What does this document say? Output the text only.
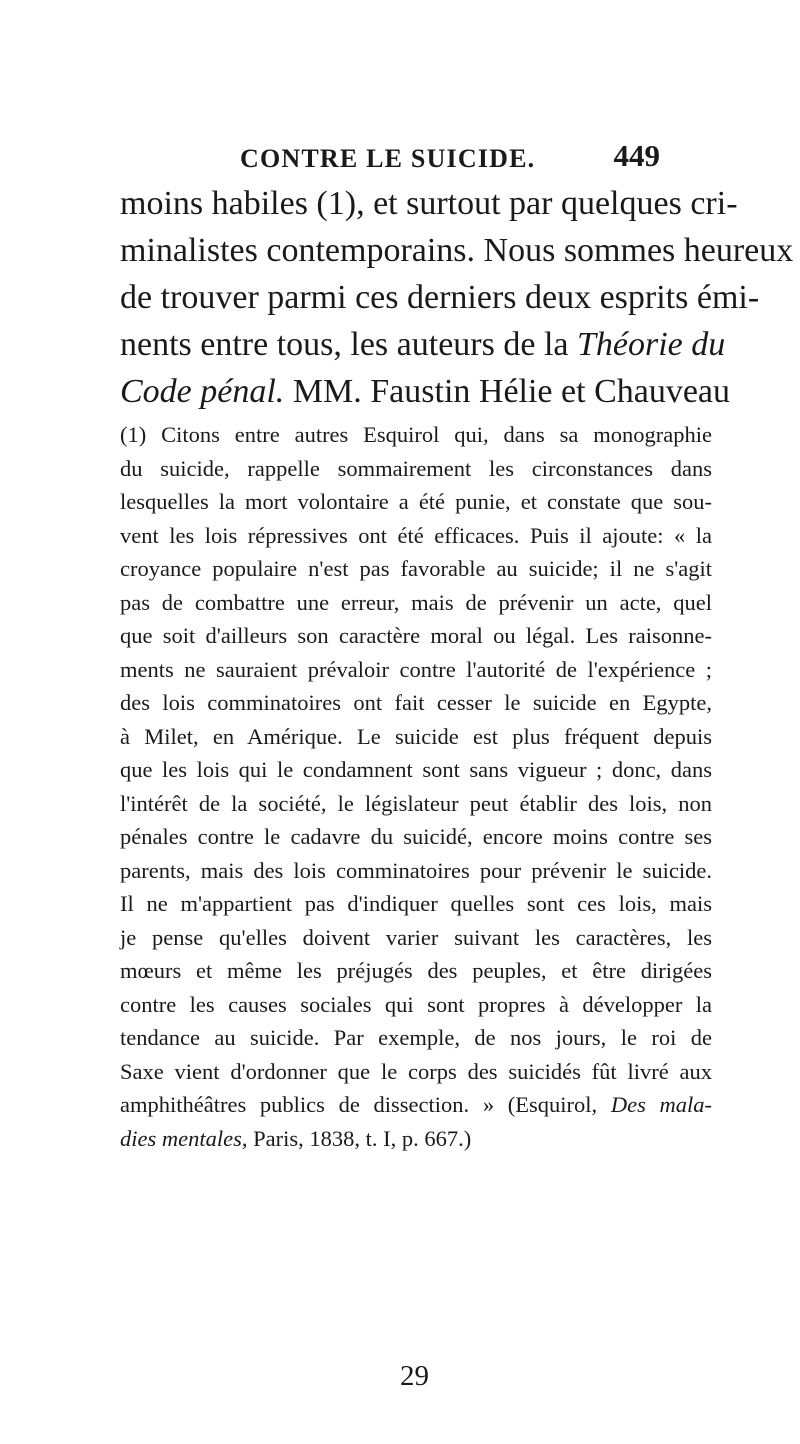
CONTRE LE SUICIDE.	449
moins habiles (1), et surtout par quelques cri-
minalistes contemporains. Nous sommes heureux
de trouver parmi ces derniers deux esprits émi-
nents entre tous, les auteurs de la Théorie du
Code pénal. MM. Faustin Hélie et Chauveau
(1) Citons entre autres Esquirol qui, dans sa monographie
du suicide, rappelle sommairement les circonstances dans
lesquelles la mort volontaire a été punie, et constate que sou-
vent les lois répressives ont été efficaces. Puis il ajoute: « la
croyance populaire n'est pas favorable au suicide; il ne s'agit
pas de combattre une erreur, mais de prévenir un acte, quel
que soit d'ailleurs son caractère moral ou légal. Les raisonne-
ments ne sauraient prévaloir contre l'autorité de l'expérience ;
des lois comminatoires ont fait cesser le suicide en Egypte,
à Milet, en Amérique. Le suicide est plus fréquent depuis
que les lois qui le condamnent sont sans vigueur ; donc, dans
l'intérêt de la société, le législateur peut établir des lois, non
pénales contre le cadavre du suicidé, encore moins contre ses
parents, mais des lois comminatoires pour prévenir le suicide.
Il ne m'appartient pas d'indiquer quelles sont ces lois, mais
je pense qu'elles doivent varier suivant les caractères, les
mœurs et même les préjugés des peuples, et être dirigées
contre les causes sociales qui sont propres à développer la
tendance au suicide. Par exemple, de nos jours, le roi de
Saxe vient d'ordonner que le corps des suicidés fût livré aux
amphithéâtres publics de dissection. » (Esquirol, Des mala-
dies mentales, Paris, 1838, t. I, p. 667.)
29
